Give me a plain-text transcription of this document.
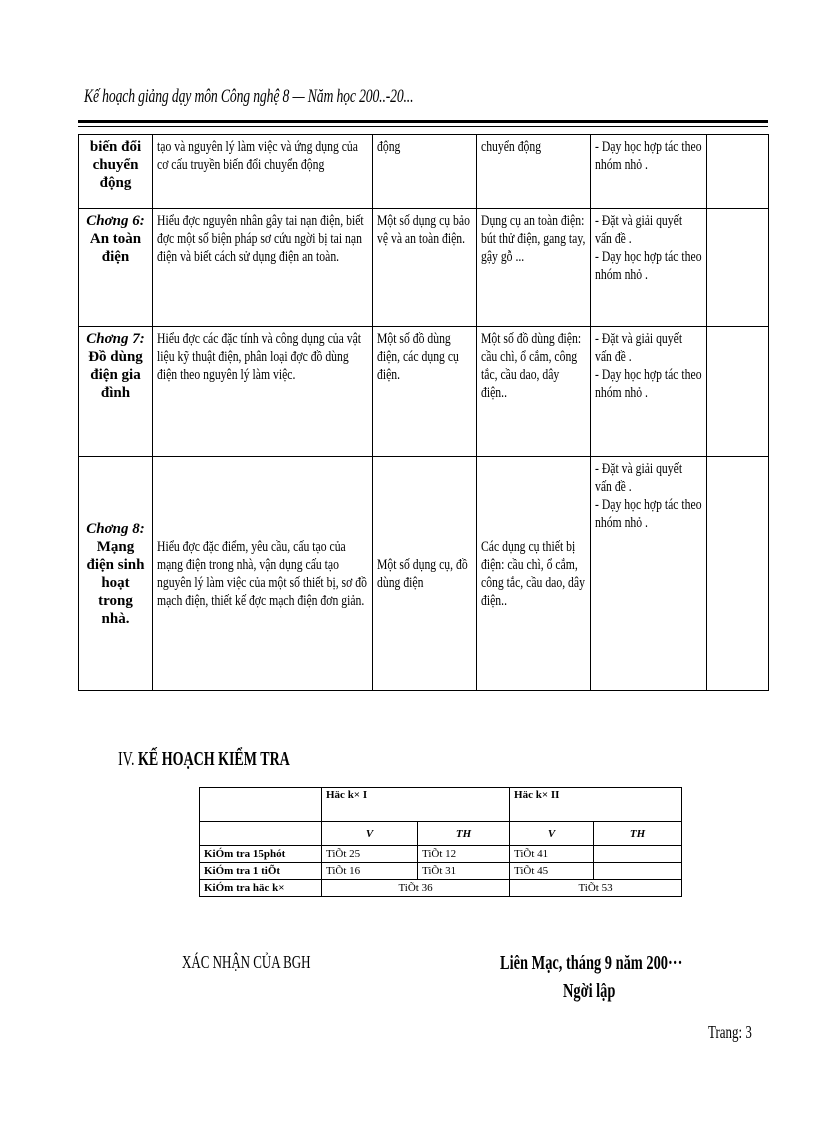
Kế hoạch giảng dạy môn Công nghệ 8 — Năm học 200..-20...
biến đổi chuyển động	tạo và nguyên lý làm việc và ứng dụng của cơ cấu truyền biến đổi chuyển động	động	chuyển động	- Dạy học hợp tác theo nhóm nhỏ .	

Chơng 6:
An toàn điện	Hiểu đợc nguyên nhân gây tai nạn điện, biết đợc một số biện pháp sơ cứu ngời bị tai nạn điện và biết cách sử dụng điện an toàn.	Một số dụng cụ bảo vệ và an toàn điện.	Dụng cụ an toàn điện: bút thử điện, gang tay, gậy gỗ ...	- Đặt và giải quyết vấn đề .
- Dạy học hợp tác theo nhóm nhỏ .	

Chơng 7:
Đồ dùng điện gia đình	Hiểu đợc các đặc tính và công dụng của vật liệu kỹ thuật điện, phân loại đợc đồ dùng điện theo nguyên lý làm việc.	Một số đồ dùng điện, các dụng cụ điện.	Một số đồ dùng điện: cầu chì, ổ cắm, công tắc, cầu dao, dây điện..	- Đặt và giải quyết vấn đề .
- Dạy học hợp tác theo nhóm nhỏ .	

Chơng 8:
Mạng điện sinh hoạt trong nhà.	Hiểu đợc đặc điểm, yêu cầu, cấu tạo của mạng điện trong nhà, vận dụng cấu tạo nguyên lý làm việc của một số thiết bị, sơ đồ mạch điện, thiết kế đợc mạch điện đơn giản.	Một số dụng cụ, đồ dùng điện	Các dụng cụ thiết bị điện: cầu chì, ổ cắm, công tắc, cầu dao, dây điện..	- Đặt và giải quyết vấn đề .
- Dạy học hợp tác theo nhóm nhỏ .	
IV. KẾ HOẠCH KIỂM TRA
	Häc k× I		Häc k× II	
	V	TH	V	TH
KiÓm tra 15phót	TiÕt 25	TiÕt 12	TiÕt 41	
KiÓm tra 1 tiÕt	TiÕt 16	TiÕt 31	TiÕt 45	
KiÓm tra häc k×	TiÕt 36		TiÕt 53	
XÁC NHẬN CỦA BGH	Liên Mạc, tháng 9 năm 200···
Ngời lập
Trang: 3
